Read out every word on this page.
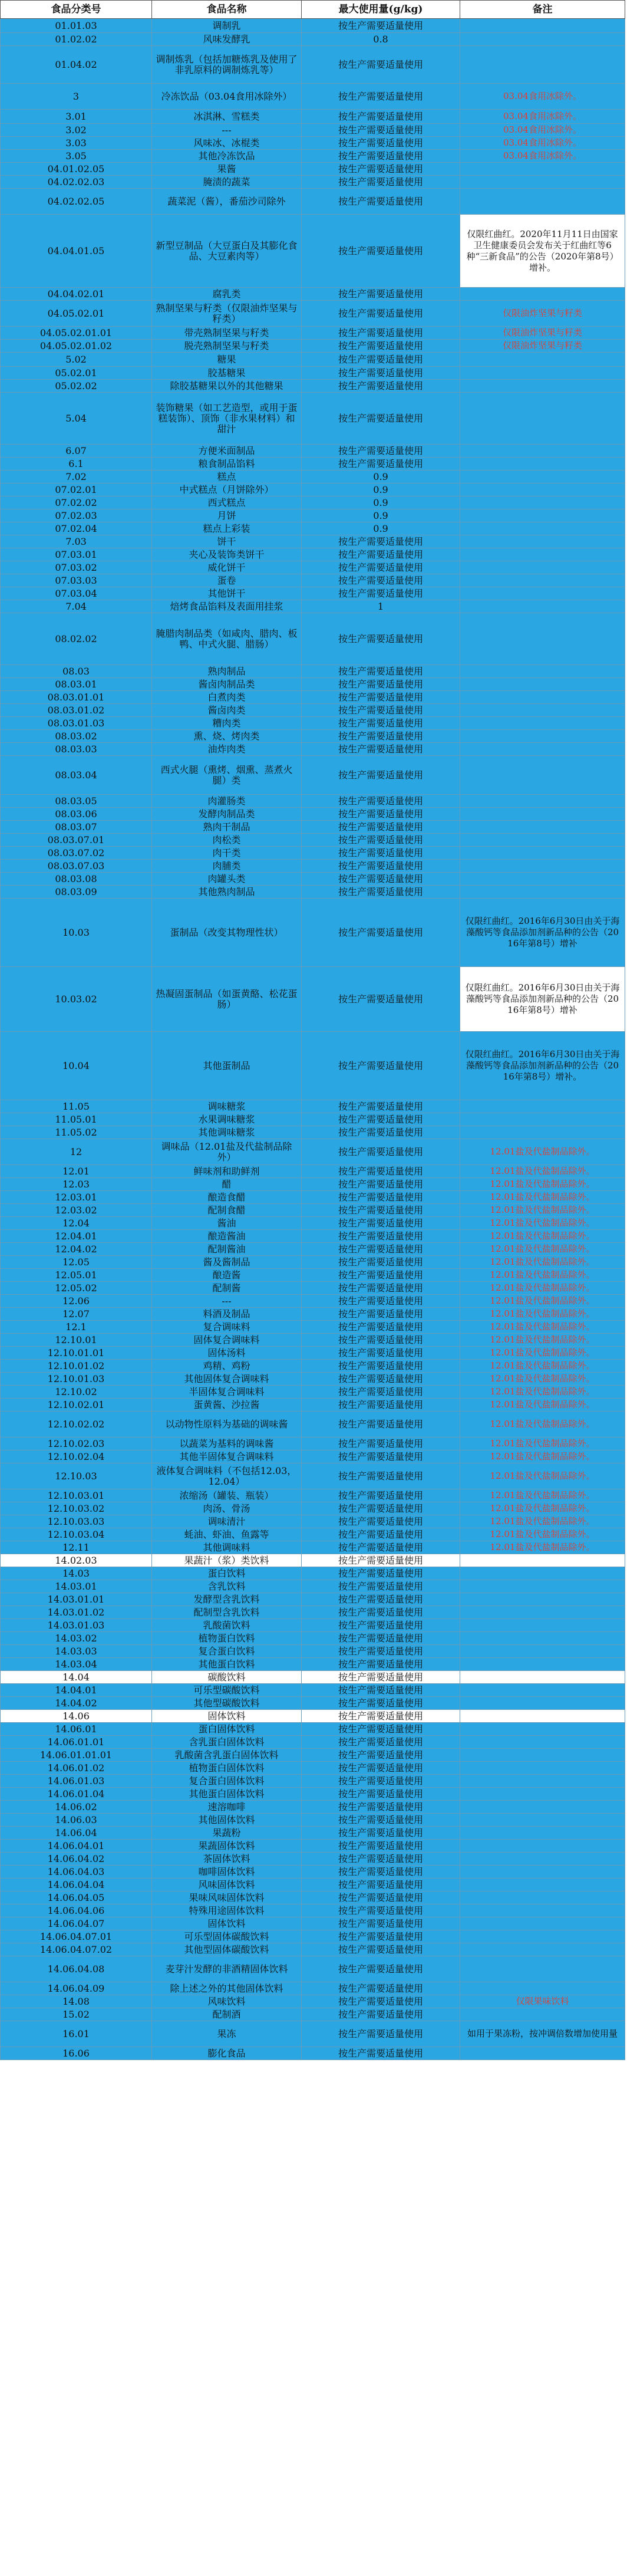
食品分类号	食品名称	最大使用量(g/kg)	备注
01.01.03	调制乳	按生产需要适量使用	
01.02.02	风味发酵乳	0.8	
01.04.02	调制炼乳（包括加糖炼乳及使用了非乳原料的调制炼乳等）	按生产需要适量使用	
3	冷冻饮品（03.04食用冰除外）	按生产需要适量使用	03.04食用冰除外。
3.01	冰淇淋、雪糕类	按生产需要适量使用	03.04食用冰除外。
3.02	---	按生产需要适量使用	03.04食用冰除外。
3.03	风味冰、冰棍类	按生产需要适量使用	03.04食用冰除外。
3.05	其他冷冻饮品	按生产需要适量使用	03.04食用冰除外。
04.01.02.05	果酱	按生产需要适量使用	
04.02.02.03	腌渍的蔬菜	按生产需要适量使用	
04.02.02.05	蔬菜泥（酱），番茄沙司除外	按生产需要适量使用	
04.04.01.05	新型豆制品（大豆蛋白及其膨化食品、大豆素肉等）	按生产需要适量使用	仅限红曲红。2020年11月11日由国家卫生健康委员会发布关于红曲红等6种“三新食品”的公告（2020年第8号）增补。
04.04.02.01	腐乳类	按生产需要适量使用	
04.05.02.01	熟制坚果与籽类（仅限油炸坚果与籽类）	按生产需要适量使用	仅限油炸坚果与籽类
04.05.02.01.01	带壳熟制坚果与籽类	按生产需要适量使用	仅限油炸坚果与籽类
04.05.02.01.02	脱壳熟制坚果与籽类	按生产需要适量使用	仅限油炸坚果与籽类
5.02	糖果	按生产需要适量使用	
05.02.01	胶基糖果	按生产需要适量使用	
05.02.02	除胶基糖果以外的其他糖果	按生产需要适量使用	
5.04	装饰糖果（如工艺造型，或用于蛋糕装饰）、顶饰（非水果材料）和甜汁	按生产需要适量使用	
6.07	方便米面制品	按生产需要适量使用	
6.1	粮食制品馅料	按生产需要适量使用	
7.02	糕点	0.9	
07.02.01	中式糕点（月饼除外）	0.9	
07.02.02	西式糕点	0.9	
07.02.03	月饼	0.9	
07.02.04	糕点上彩装	0.9	
7.03	饼干	按生产需要适量使用	
07.03.01	夹心及装饰类饼干	按生产需要适量使用	
07.03.02	威化饼干	按生产需要适量使用	
07.03.03	蛋卷	按生产需要适量使用	
07.03.04	其他饼干	按生产需要适量使用	
7.04	焙烤食品馅料及表面用挂浆	1	
08.02.02	腌腊肉制品类（如咸肉、腊肉、板鸭、中式火腿、腊肠）	按生产需要适量使用	
08.03	熟肉制品	按生产需要适量使用	
08.03.01	酱卤肉制品类	按生产需要适量使用	
08.03.01.01	白煮肉类	按生产需要适量使用	
08.03.01.02	酱卤肉类	按生产需要适量使用	
08.03.01.03	糟肉类	按生产需要适量使用	
08.03.02	熏、烧、烤肉类	按生产需要适量使用	
08.03.03	油炸肉类	按生产需要适量使用	
08.03.04	西式火腿（熏烤、烟熏、蒸煮火腿）类	按生产需要适量使用	
08.03.05	肉灌肠类	按生产需要适量使用	
08.03.06	发酵肉制品类	按生产需要适量使用	
08.03.07	熟肉干制品	按生产需要适量使用	
08.03.07.01	肉松类	按生产需要适量使用	
08.03.07.02	肉干类	按生产需要适量使用	
08.03.07.03	肉脯类	按生产需要适量使用	
08.03.08	肉罐头类	按生产需要适量使用	
08.03.09	其他熟肉制品	按生产需要适量使用	
10.03	蛋制品（改变其物理性状）	按生产需要适量使用	仅限红曲红。2016年6月30日由关于海藻酸钙等食品添加剂新品种的公告（2016年第8号）增补
10.03.02	热凝固蛋制品（如蛋黄酪、松花蛋肠）	按生产需要适量使用	仅限红曲红。2016年6月30日由关于海藻酸钙等食品添加剂新品种的公告（2016年第8号）增补
10.04	其他蛋制品	按生产需要适量使用	仅限红曲红。2016年6月30日由关于海藻酸钙等食品添加剂新品种的公告（2016年第8号）增补。
11.05	调味糖浆	按生产需要适量使用	
11.05.01	水果调味糖浆	按生产需要适量使用	
11.05.02	其他调味糖浆	按生产需要适量使用	
12	调味品（12.01盐及代盐制品除外）	按生产需要适量使用	12.01盐及代盐制品除外。
12.01	鲜味剂和助鲜剂	按生产需要适量使用	12.01盐及代盐制品除外。
12.03	醋	按生产需要适量使用	12.01盐及代盐制品除外。
12.03.01	酿造食醋	按生产需要适量使用	12.01盐及代盐制品除外。
12.03.02	配制食醋	按生产需要适量使用	12.01盐及代盐制品除外。
12.04	酱油	按生产需要适量使用	12.01盐及代盐制品除外。
12.04.01	酿造酱油	按生产需要适量使用	12.01盐及代盐制品除外。
12.04.02	配制酱油	按生产需要适量使用	12.01盐及代盐制品除外。
12.05	酱及酱制品	按生产需要适量使用	12.01盐及代盐制品除外。
12.05.01	酿造酱	按生产需要适量使用	12.01盐及代盐制品除外。
12.05.02	配制酱	按生产需要适量使用	12.01盐及代盐制品除外。
12.06	---	按生产需要适量使用	12.01盐及代盐制品除外。
12.07	料酒及制品	按生产需要适量使用	12.01盐及代盐制品除外。
12.1	复合调味料	按生产需要适量使用	12.01盐及代盐制品除外。
12.10.01	固体复合调味料	按生产需要适量使用	12.01盐及代盐制品除外。
12.10.01.01	固体汤料	按生产需要适量使用	12.01盐及代盐制品除外。
12.10.01.02	鸡精、鸡粉	按生产需要适量使用	12.01盐及代盐制品除外。
12.10.01.03	其他固体复合调味料	按生产需要适量使用	12.01盐及代盐制品除外。
12.10.02	半固体复合调味料	按生产需要适量使用	12.01盐及代盐制品除外。
12.10.02.01	蛋黄酱、沙拉酱	按生产需要适量使用	12.01盐及代盐制品除外。
12.10.02.02	以动物性原料为基础的调味酱	按生产需要适量使用	12.01盐及代盐制品除外。
12.10.02.03	以蔬菜为基料的调味酱	按生产需要适量使用	12.01盐及代盐制品除外。
12.10.02.04	其他半固体复合调味料	按生产需要适量使用	12.01盐及代盐制品除外。
12.10.03	液体复合调味料（不包括12.03，12.04）	按生产需要适量使用	12.01盐及代盐制品除外。
12.10.03.01	浓缩汤（罐装、瓶装）	按生产需要适量使用	12.01盐及代盐制品除外。
12.10.03.02	肉汤、骨汤	按生产需要适量使用	12.01盐及代盐制品除外。
12.10.03.03	调味清汁	按生产需要适量使用	12.01盐及代盐制品除外。
12.10.03.04	蚝油、虾油、鱼露等	按生产需要适量使用	12.01盐及代盐制品除外。
12.11	其他调味料	按生产需要适量使用	12.01盐及代盐制品除外。
14.02.03	果蔬汁（浆）类饮料	按生产需要适量使用	
14.03	蛋白饮料	按生产需要适量使用	
14.03.01	含乳饮料	按生产需要适量使用	
14.03.01.01	发酵型含乳饮料	按生产需要适量使用	
14.03.01.02	配制型含乳饮料	按生产需要适量使用	
14.03.01.03	乳酸菌饮料	按生产需要适量使用	
14.03.02	植物蛋白饮料	按生产需要适量使用	
14.03.03	复合蛋白饮料	按生产需要适量使用	
14.03.04	其他蛋白饮料	按生产需要适量使用	
14.04	碳酸饮料	按生产需要适量使用	
14.04.01	可乐型碳酸饮料	按生产需要适量使用	
14.04.02	其他型碳酸饮料	按生产需要适量使用	
14.06	固体饮料	按生产需要适量使用	
14.06.01	蛋白固体饮料	按生产需要适量使用	
14.06.01.01	含乳蛋白固体饮料	按生产需要适量使用	
14.06.01.01.01	乳酸菌含乳蛋白固体饮料	按生产需要适量使用	
14.06.01.02	植物蛋白固体饮料	按生产需要适量使用	
14.06.01.03	复合蛋白固体饮料	按生产需要适量使用	
14.06.01.04	其他蛋白固体饮料	按生产需要适量使用	
14.06.02	速溶咖啡	按生产需要适量使用	
14.06.03	其他固体饮料	按生产需要适量使用	
14.06.04	果蔬粉	按生产需要适量使用	
14.06.04.01	果蔬固体饮料	按生产需要适量使用	
14.06.04.02	茶固体饮料	按生产需要适量使用	
14.06.04.03	咖啡固体饮料	按生产需要适量使用	
14.06.04.04	风味固体饮料	按生产需要适量使用	
14.06.04.05	果味风味固体饮料	按生产需要适量使用	
14.06.04.06	特殊用途固体饮料	按生产需要适量使用	
14.06.04.07	固体饮料	按生产需要适量使用	
14.06.04.07.01	可乐型固体碳酸饮料	按生产需要适量使用	
14.06.04.07.02	其他型固体碳酸饮料	按生产需要适量使用	
14.06.04.08	麦芽汁发酵的非酒精固体饮料	按生产需要适量使用	
14.06.04.09	除上述之外的其他固体饮料	按生产需要适量使用	
14.08	风味饮料	按生产需要适量使用	仅限果味饮料
15.02	配制酒	按生产需要适量使用	
16.01	果冻	按生产需要适量使用	如用于果冻粉，按冲调倍数增加使用量
16.06	膨化食品	按生产需要适量使用	
